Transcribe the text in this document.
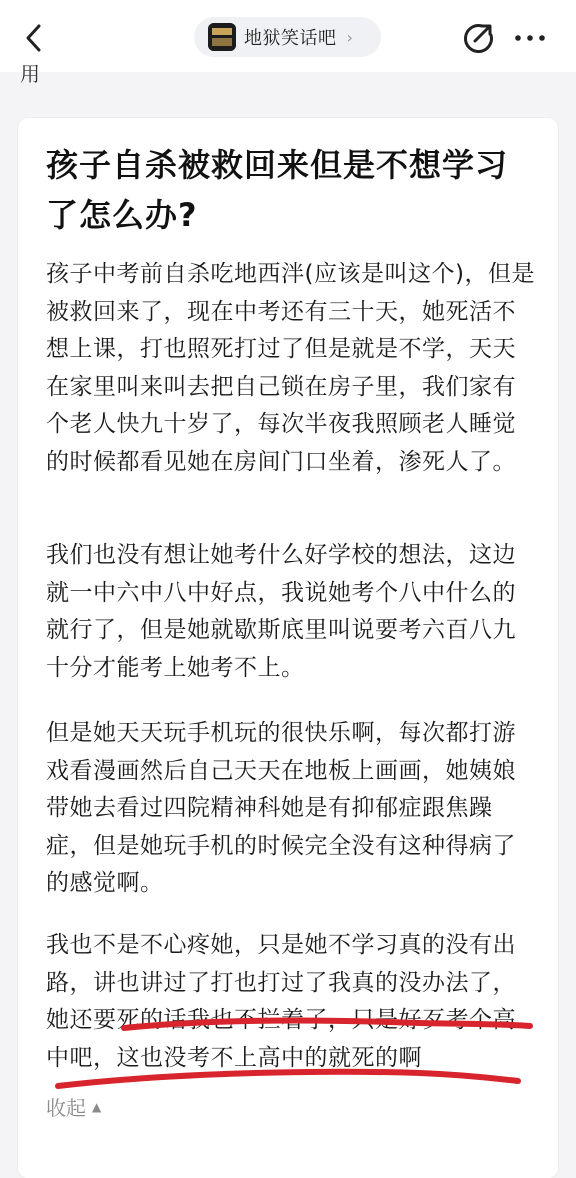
地狱笑话吧 ›
用
孩子自杀被救回来但是不想学习了怎么办?

孩子中考前自杀吃地西泮(应该是叫这个)，但是被救回来了，现在中考还有三十天，她死活不想上课，打也照死打过了但是就是不学，天天在家里叫来叫去把自己锁在房子里，我们家有个老人快九十岁了，每次半夜我照顾老人睡觉的时候都看见她在房间门口坐着，渗死人了。

我们也没有想让她考什么好学校的想法，这边就一中六中八中好点，我说她考个八中什么的就行了，但是她就歇斯底里叫说要考六百八九十分才能考上她考不上。

但是她天天玩手机玩的很快乐啊，每次都打游戏看漫画然后自己天天在地板上画画，她姨娘带她去看过四院精神科她是有抑郁症跟焦躁症，但是她玩手机的时候完全没有这种得病了的感觉啊。

我也不是不心疼她，只是她不学习真的没有出路，讲也讲过了打也打过了我真的没办法了，她还要死的话我也不拦着了，只是好歹考个高中吧，这也没考不上高中的就死的啊

收起 ▲
